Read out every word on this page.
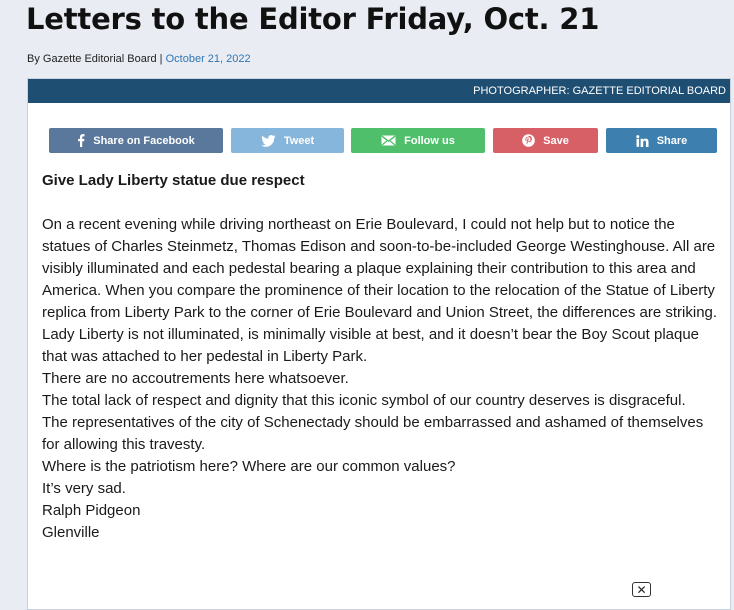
Letters to the Editor Friday, Oct. 21
By Gazette Editorial Board | October 21, 2022
PHOTOGRAPHER: GAZETTE EDITORIAL BOARD
Share on Facebook	Tweet	Follow us	Save	Share
Give Lady Liberty statue due respect

On a recent evening while driving northeast on Erie Boulevard, I could not help but to notice the statues of Charles Steinmetz, Thomas Edison and soon-to-be-included George Westinghouse. All are visibly illuminated and each pedestal bearing a plaque explaining their contribution to this area and America. When you compare the prominence of their location to the relocation of the Statue of Liberty replica from Liberty Park to the corner of Erie Boulevard and Union Street, the differences are striking.

Lady Liberty is not illuminated, is minimally visible at best, and it doesn’t bear the Boy Scout plaque that was attached to her pedestal in Liberty Park.

There are no accoutrements here whatsoever.

The total lack of respect and dignity that this iconic symbol of our country deserves is disgraceful.

The representatives of the city of Schenectady should be embarrassed and ashamed of themselves for allowing this travesty.

Where is the patriotism here? Where are our common values?

It’s very sad.

Ralph Pidgeon

Glenville

✕
